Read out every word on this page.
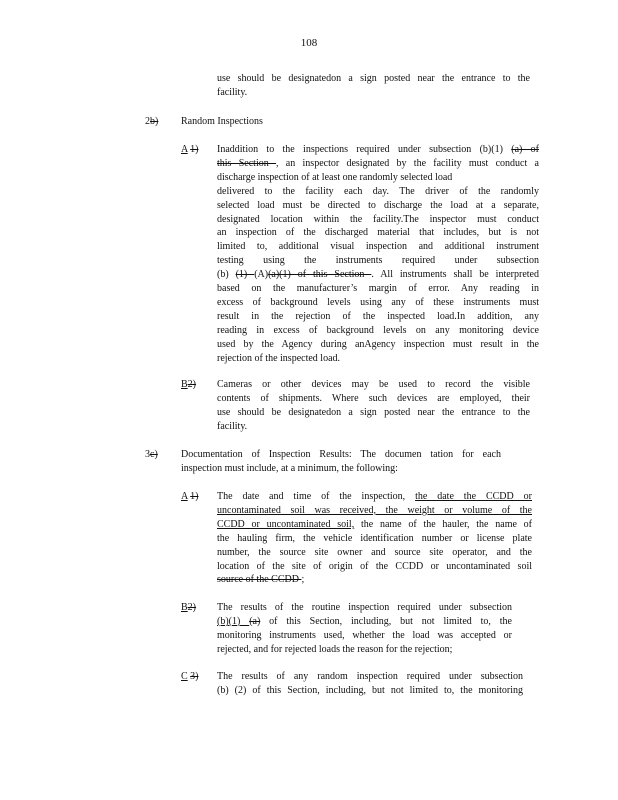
108
use should be designatedon a sign posted near the entrance to the
facility.
2b) Random Inspections
A 1) Inaddition to the inspections required under subsection (b)(1) (a) of
this Section , an inspector designated by the facility must conduct a
discharge inspection of at least one randomly selected load
delivered to the facility each day. The driver of the randomly
selected load must be directed to discharge the load at a separate,
designated location within the facility.The inspector must conduct
an inspection of the discharged material that includes, but is not
limited to, additional visual inspection and additional instrument
testing using the instruments required under subsection
(b) (1) (A)(a)(1) of this Section . All instruments shall be interpreted
based on the manufacturer’s margin of error. Any reading in
excess of background levels using any of these instruments must
result in the rejection of the inspected load.In addition, any
reading in excess of background levels on any monitoring device
used by the Agency during anAgency inspection must result in the
rejection of the inspected load.
B2) Cameras or other devices may be used to record the visible
contents of shipments. Where such devices are employed, their
use should be designatedon a sign posted near the entrance to the
facility.
3c) Documentation of Inspection Results: The documen tation for each
inspection must include, at a minimum, the following:
A 1) The date and time of the inspection, the date the CCDD or
uncontaminated soil was received, the weight or volume of the
CCDD or uncontaminated soil, the name of the hauler, the name of
the hauling firm, the vehicle identification number or license plate
number, the source site owner and source site operator, and the
location of the site of origin of the CCDD or uncontaminated soil
source of the CCDD ;
B2) The results of the routine inspection required under subsection
(b)(1) (a) of this Section, including, but not limited to, the
monitoring instruments used, whether the load was accepted or
rejected, and for rejected loads the reason for the rejection;
C 3) The results of any random inspection required under subsection
(b) (2) of this Section, including, but not limited to, the monitoring
